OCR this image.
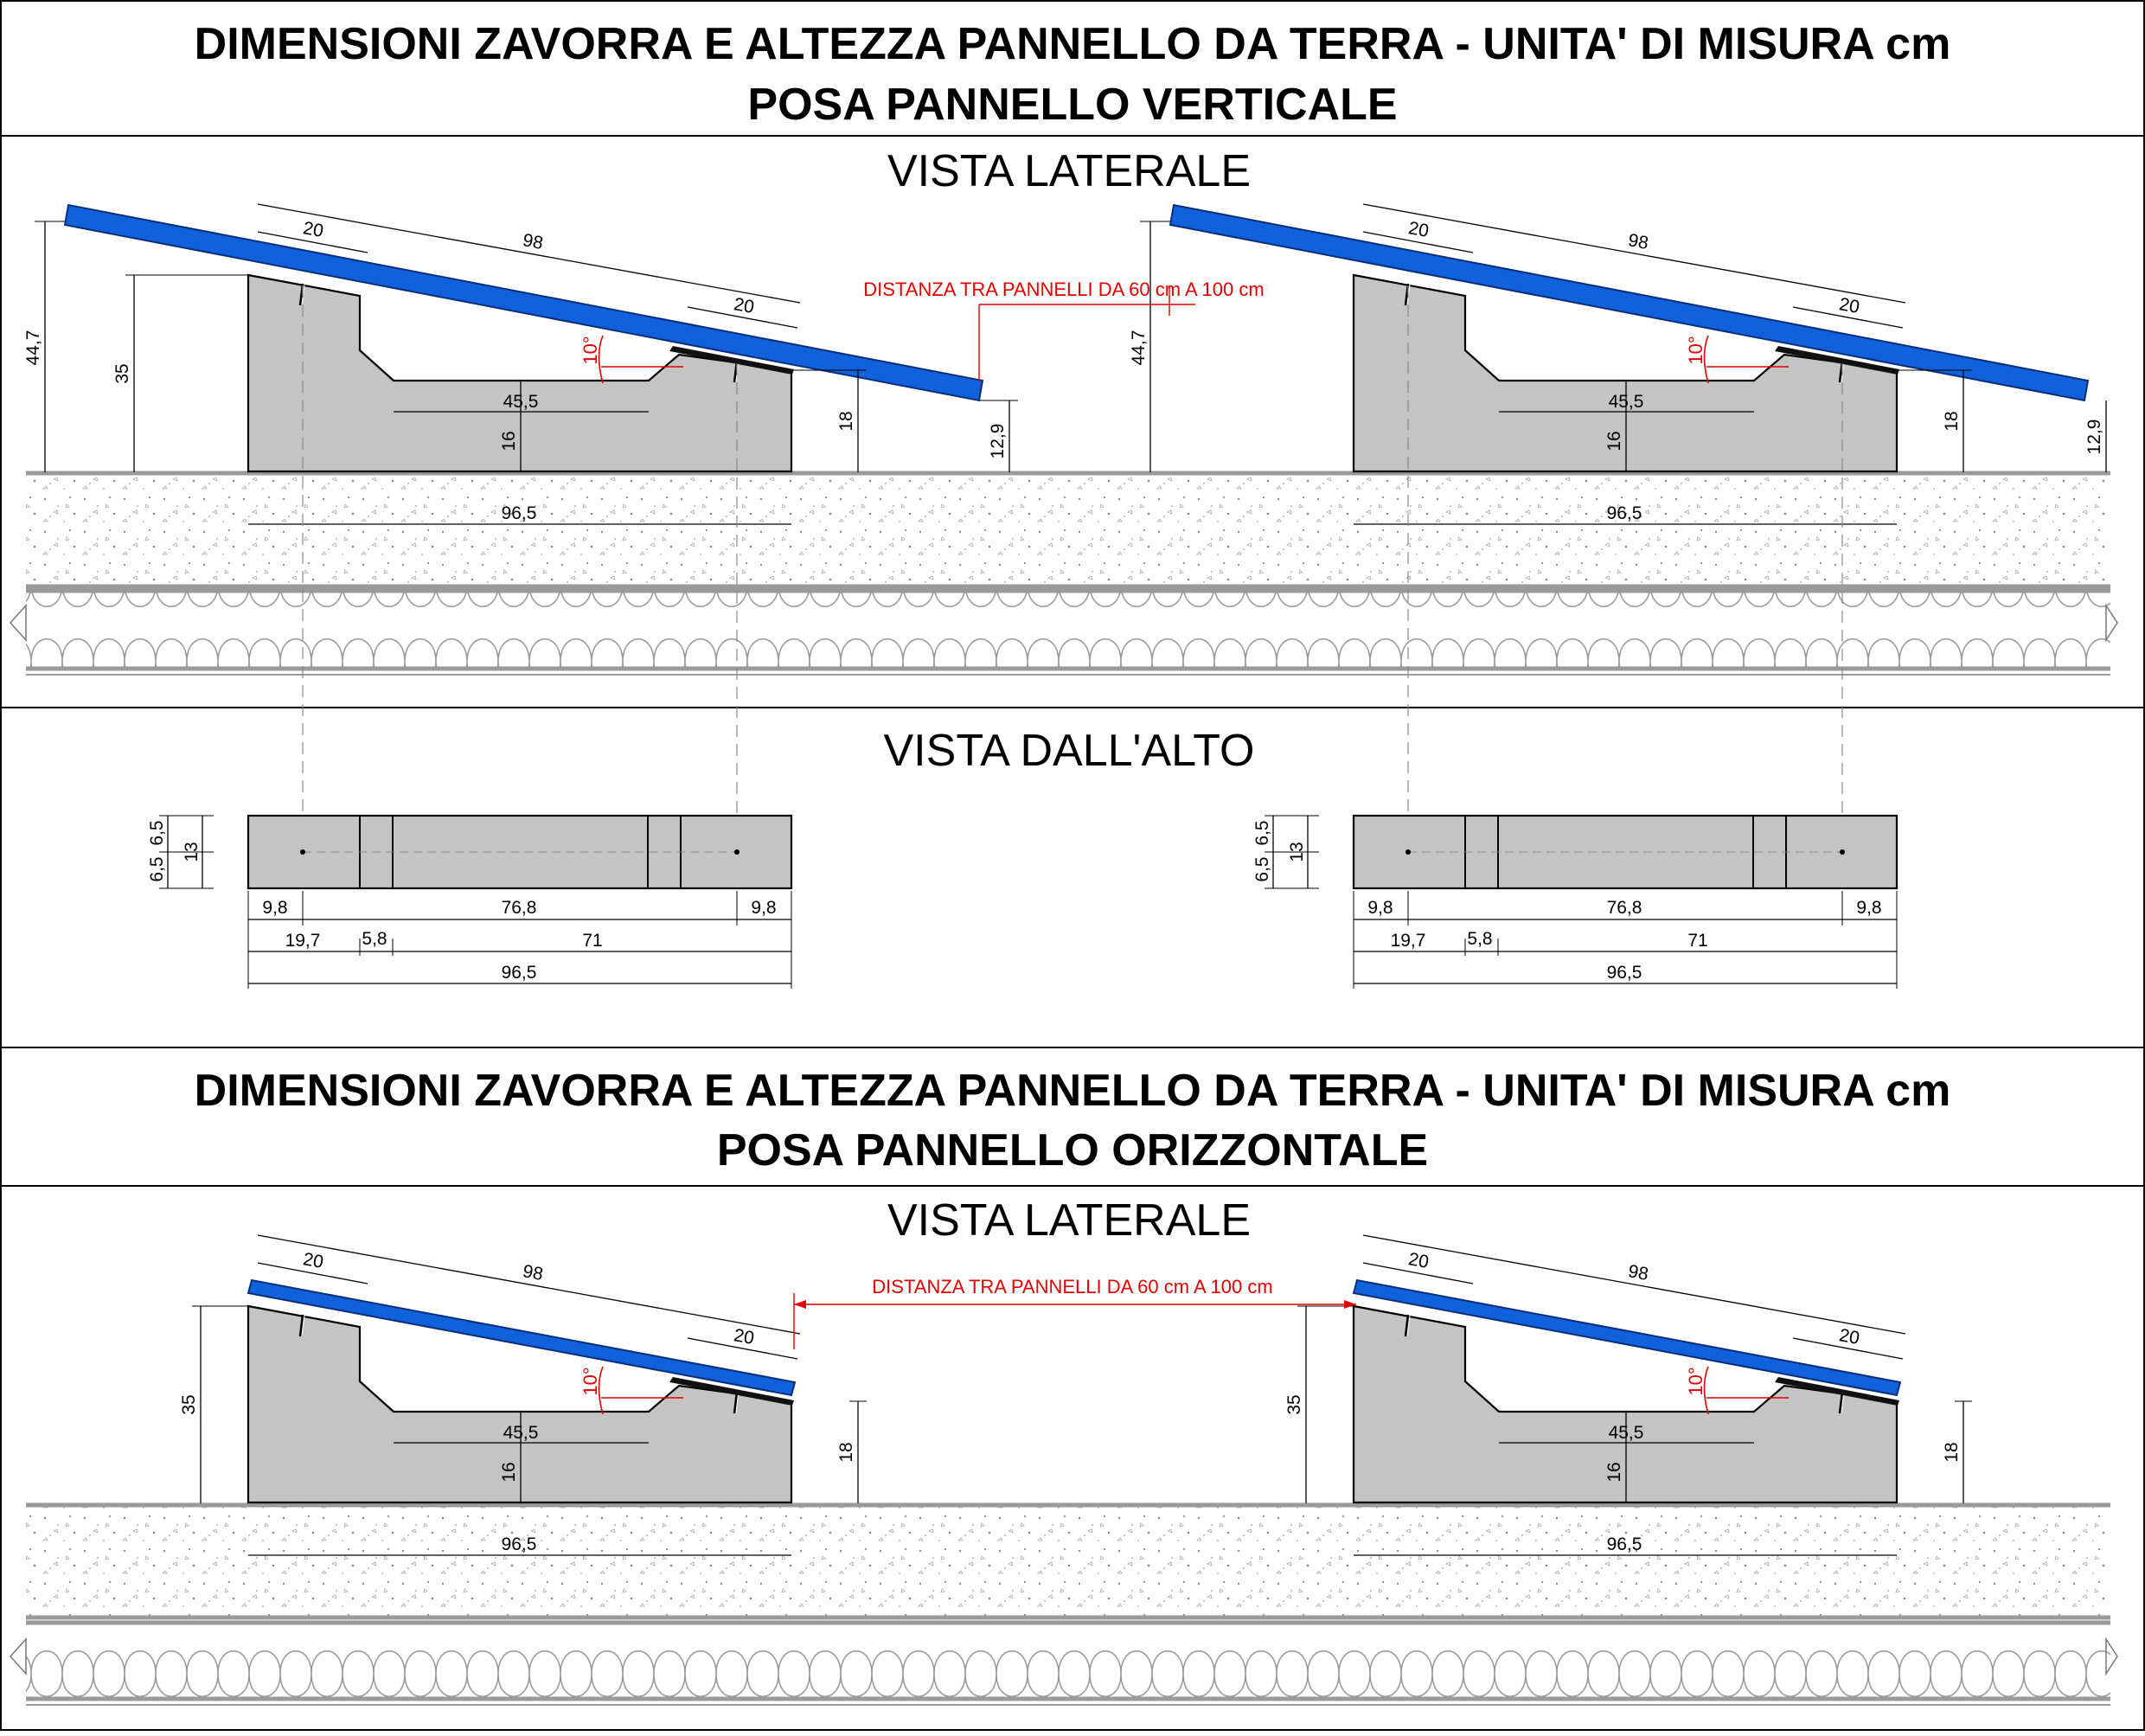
DIMENSIONI ZAVORRA E ALTEZZA PANNELLO DA TERRA - UNITA' DI MISURA cm
POSA PANNELLO VERTICALE
VISTA LATERALE
44,7
35
98
20
20
10°
45,5
16
18
12,9
96,5
44,7
98
20
20
10°
45,5
16
18	12,9
96,5
DISTANZA TRA PANNELLI DA 60 cm A 100 cm
VISTA DALL'ALTO
6,5
6,5
13
9,8	76,8	9,8
19,7 5,8	71
96,5
6,5
6,5
13
9,8	76,8	9,8
19,7 5,8	71
96,5
DIMENSIONI ZAVORRA E ALTEZZA PANNELLO DA TERRA - UNITA' DI MISURA cm
POSA PANNELLO ORIZZONTALE
VISTA LATERALE
35
98
20
20
10°
45,5
16
18
96,5
35
98
20
20
10°
45,5
16
18
96,5
DISTANZA TRA PANNELLI DA 60 cm A 100 cm
